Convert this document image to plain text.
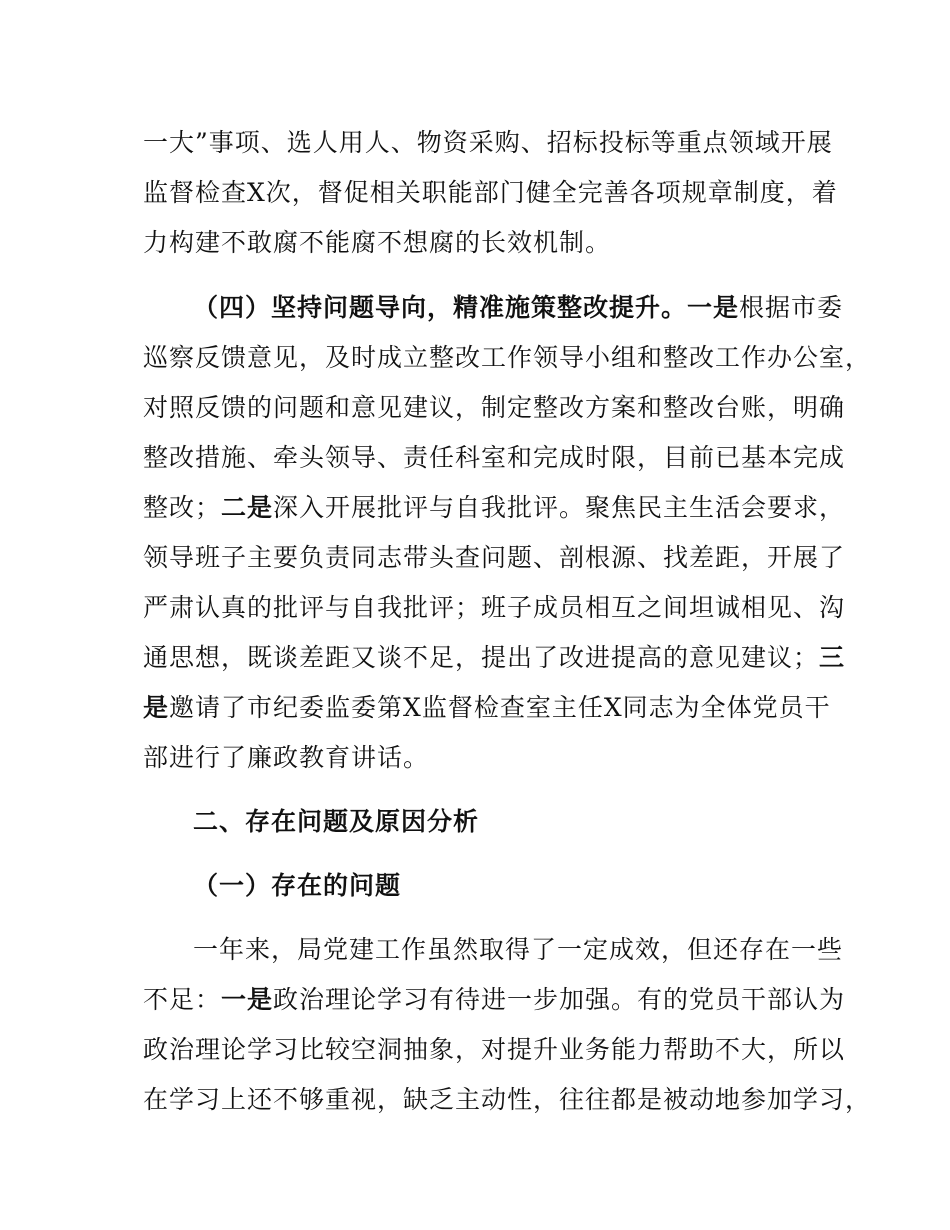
一大”事项、选人用人、物资采购、招标投标等重点领域开展
监督检查X次，督促相关职能部门健全完善各项规章制度，着
力构建不敢腐不能腐不想腐的长效机制。
（四）坚持问题导向，精准施策整改提升。一是根据市委
巡察反馈意见，及时成立整改工作领导小组和整改工作办公室，
对照反馈的问题和意见建议，制定整改方案和整改台账，明确
整改措施、牵头领导、责任科室和完成时限，目前已基本完成
整改；二是深入开展批评与自我批评。聚焦民主生活会要求，
领导班子主要负责同志带头查问题、剖根源、找差距，开展了
严肃认真的批评与自我批评；班子成员相互之间坦诚相见、沟
通思想，既谈差距又谈不足，提出了改进提高的意见建议；三
是邀请了市纪委监委第X监督检查室主任X同志为全体党员干
部进行了廉政教育讲话。
二、存在问题及原因分析
（一）存在的问题
一年来，局党建工作虽然取得了一定成效，但还存在一些
不足：一是政治理论学习有待进一步加强。有的党员干部认为
政治理论学习比较空洞抽象，对提升业务能力帮助不大，所以
在学习上还不够重视，缺乏主动性，往往都是被动地参加学习，
